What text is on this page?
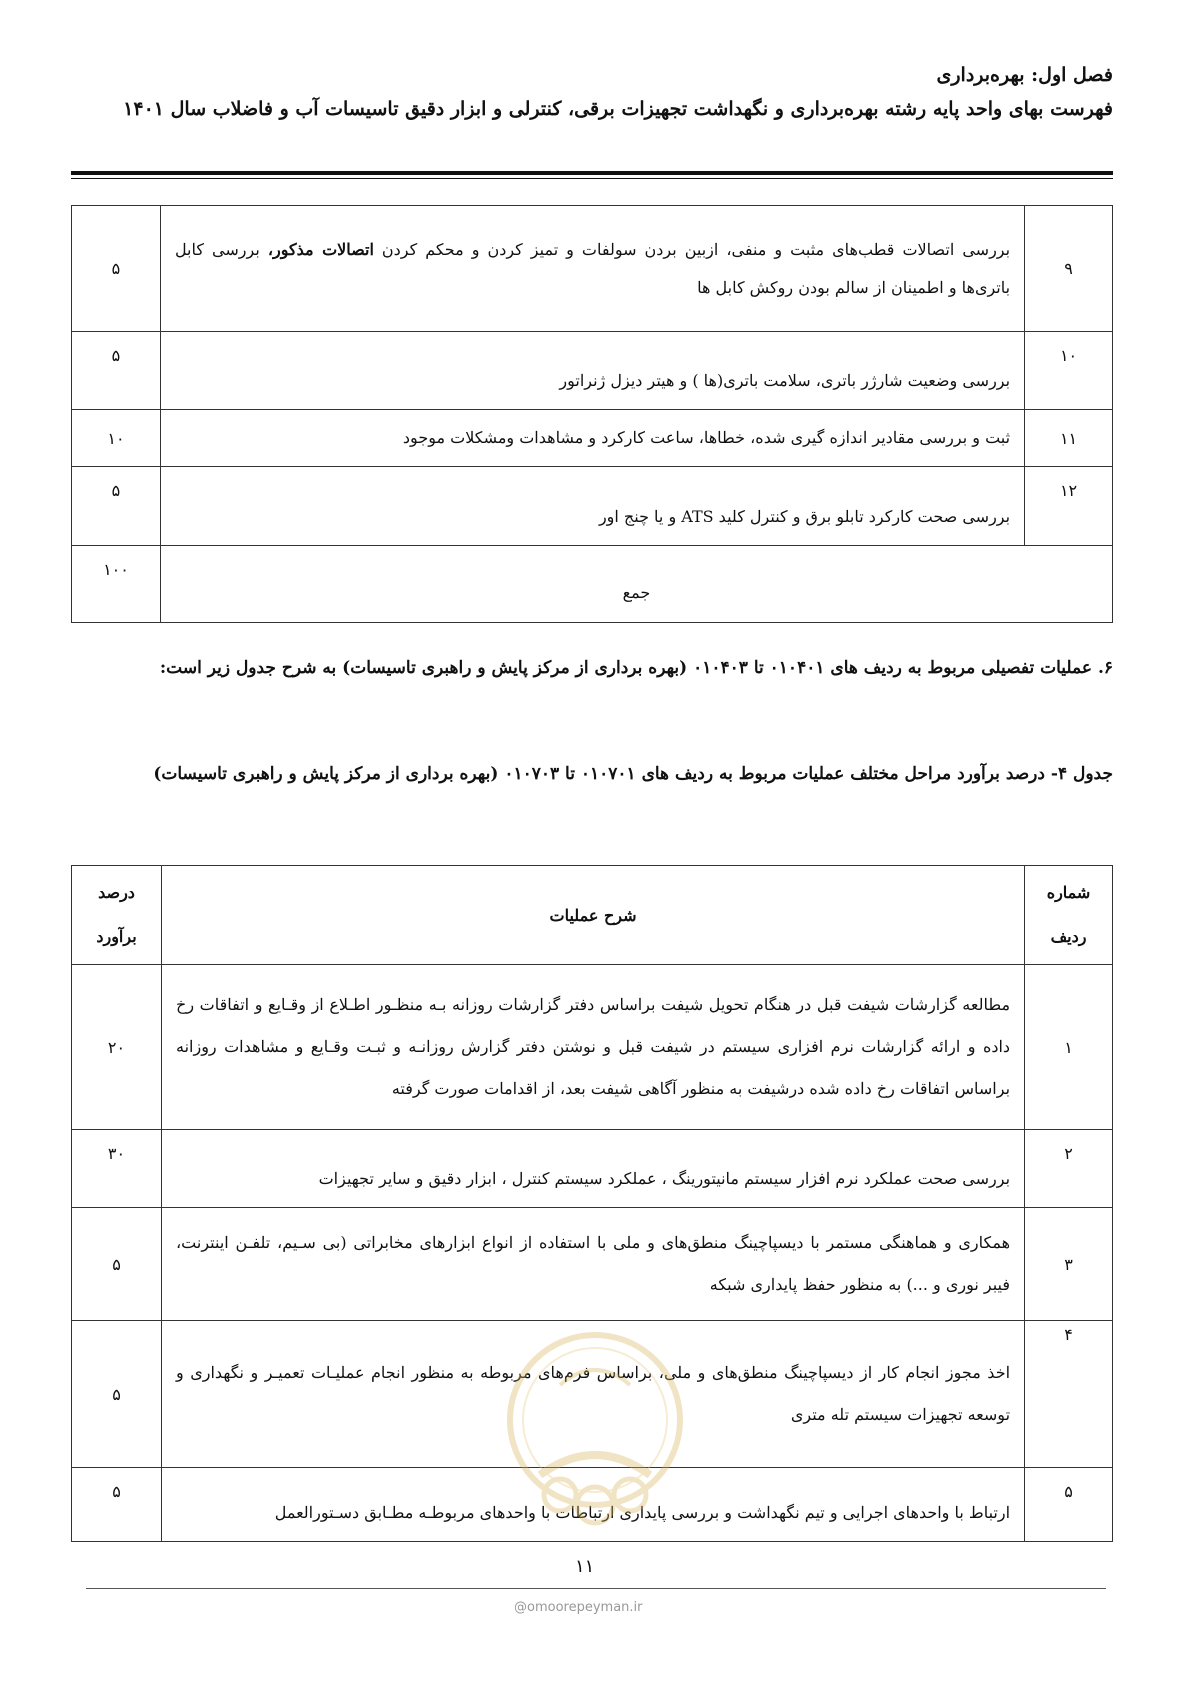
فصل اول: بهره‌برداری
فهرست بهای واحد پایه رشته بهره‌برداری و نگهداشت تجهیزات برقی، کنترلی و ابزار دقیق تاسیسات آب و فاضلاب سال ۱۴۰۱
۹	بررسی اتصالات قطب‌های مثبت و منفی، ازبین بردن سولفات و تمیز کردن و محکم کردن اتصالات مذکور، بررسی کابل باتری‌ها و اطمینان از سالم بودن روکش کابل ها	۵
۱۰	بررسی وضعیت شارژر باتری، سلامت باتری(ها ) و هیتر دیزل ژنراتور	۵
۱۱	ثبت و بررسی مقادیر اندازه گیری شده، خطاها، ساعت کارکرد و مشاهدات ومشکلات موجود	۱۰
۱۲	بررسی صحت کارکرد تابلو برق و کنترل کلید ATS و یا چنج اور	۵
جمع		۱۰۰
۶. عملیات تفصیلی مربوط به ردیف های ۰۱۰۴۰۱ تا ۰۱۰۴۰۳ (بهره برداری از مرکز پایش و راهبری تاسیسات) به شرح جدول زیر است:
جدول ۴- درصد برآورد مراحل مختلف عملیات مربوط به ردیف های ۰۱۰۷۰۱ تا ۰۱۰۷۰۳ (بهره برداری از مرکز پایش و راهبری تاسیسات)
شماره ردیف	شرح عملیات	درصد برآورد
۱	مطالعه گزارشات شیفت قبل در هنگام تحویل شیفت براساس دفتر گزارشات روزانه بـه منظـور اطـلاع از وقـایع و اتفاقات رخ داده و ارائه گزارشات نرم افزاری سیستم در شیفت قبل و نوشتن دفتر گزارش روزانـه و ثبـت وقـایع و مشاهدات روزانه براساس اتفاقات رخ داده شده درشیفت به منظور آگاهی شیفت بعد، از اقدامات صورت گرفته	۲۰
۲	بررسی صحت عملکرد نرم افزار سیستم مانیتورینگ ، عملکرد سیستم کنترل ، ابزار دقیق و سایر تجهیزات	۳۰
۳	همکاری و هماهنگی مستمر با دیسپاچینگ منطق‌های و ملی با استفاده از انواع ابزارهای مخابراتی (بی سـیم، تلفـن اینترنت، فیبر نوری و ...) به منظور حفظ پایداری شبکه	۵
۴	اخذ مجوز انجام کار از دیسپاچینگ منطق‌های و ملی، براساس فرم‌های مربوطه به منظور انجام عملیـات تعمیـر و نگهداری و توسعه تجهیزات سیستم تله متری	۵
۵	ارتباط با واحدهای اجرایی و تیم نگهداشت و بررسی پایداری ارتباطات با واحدهای مربوطـه مطـابق دسـتورالعمل	۵
۱۱
@omoorepeyman.ir
